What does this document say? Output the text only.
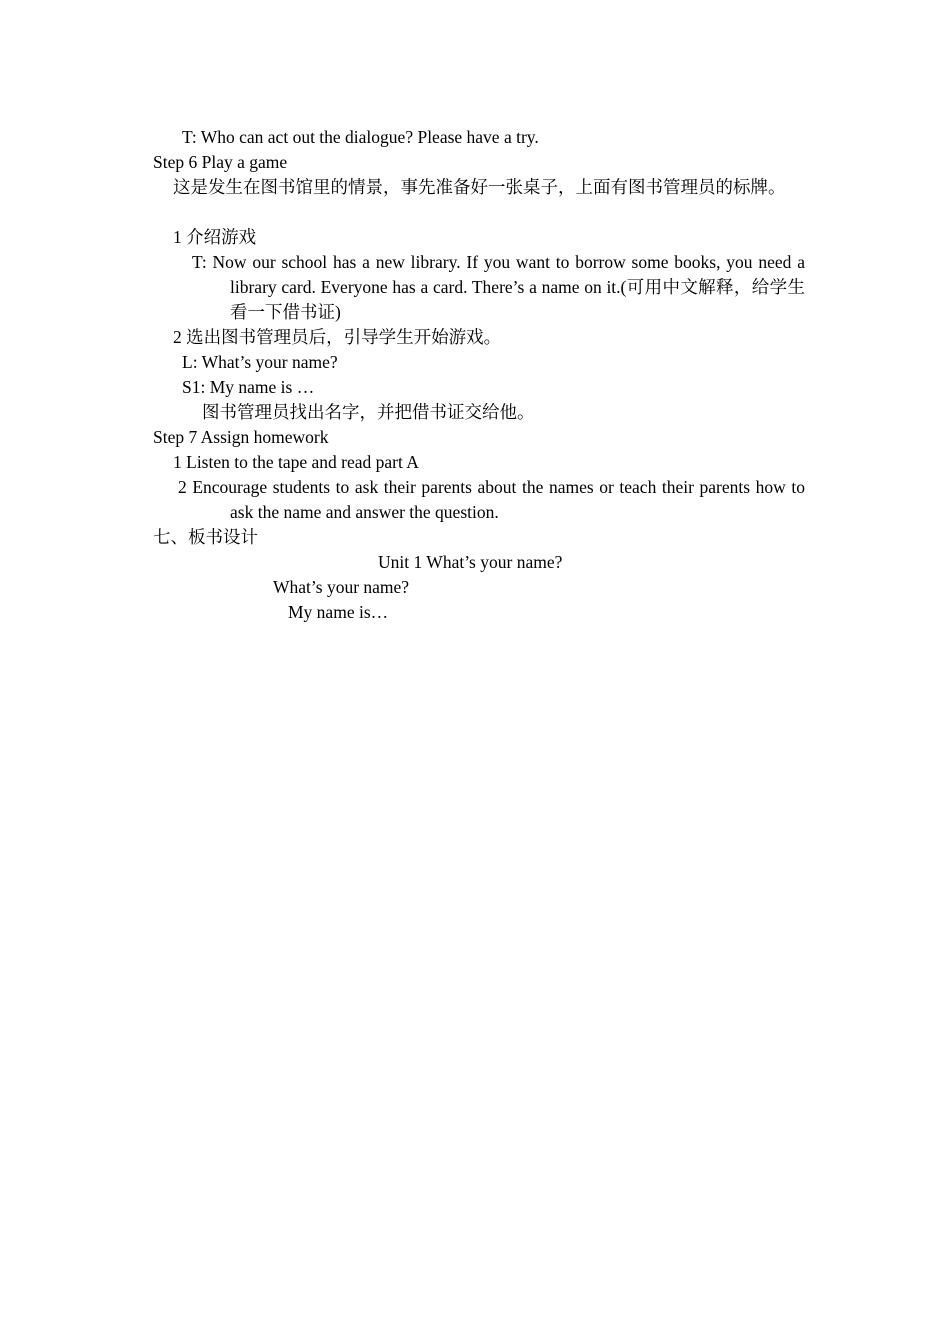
T: Who can act out the dialogue? Please have a try.
Step 6 Play a game
这是发生在图书馆里的情景，事先准备好一张桌子，上面有图书管理员的标牌。
1 介绍游戏
T: Now our school has a new library. If you want to borrow some books, you need a library card. Everyone has a card. There’s a name on it.(可用中文解释，给学生看一下借书证)
2 选出图书管理员后，引导学生开始游戏。
L: What’s your name?
S1: My name is …
图书管理员找出名字，并把借书证交给他。
Step 7 Assign homework
1 Listen to the tape and read part A
2 Encourage students to ask their parents about the names or teach their parents how to ask the name and answer the question.
七、板书设计
Unit 1 What’s your name?
What’s your name?
My name is…
